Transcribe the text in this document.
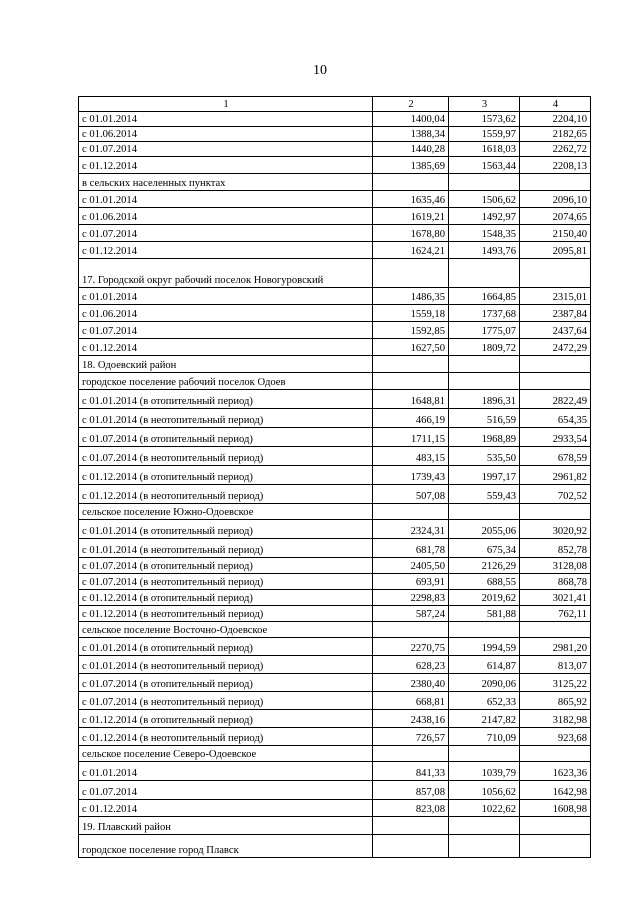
10
1	2	3	4
с 01.01.2014	1400,04	1573,62	2204,10
с 01.06.2014	1388,34	1559,97	2182,65
с 01.07.2014	1440,28	1618,03	2262,72
с 01.12.2014	1385,69	1563,44	2208,13
в сельских населенных пунктах			
с 01.01.2014	1635,46	1506,62	2096,10
с 01.06.2014	1619,21	1492,97	2074,65
с 01.07.2014	1678,80	1548,35	2150,40
с 01.12.2014	1624,21	1493,76	2095,81
17. Городской округ рабочий поселок Новогуровский			
с 01.01.2014	1486,35	1664,85	2315,01
с 01.06.2014	1559,18	1737,68	2387,84
с 01.07.2014	1592,85	1775,07	2437,64
с 01.12.2014	1627,50	1809,72	2472,29
18. Одоевский район			
городское поселение рабочий поселок Одоев			
с 01.01.2014 (в отопительный период)	1648,81	1896,31	2822,49
с 01.01.2014 (в неотопительный период)	466,19	516,59	654,35
с 01.07.2014 (в отопительный период)	1711,15	1968,89	2933,54
с 01.07.2014 (в неотопительный период)	483,15	535,50	678,59
с 01.12.2014 (в отопительный период)	1739,43	1997,17	2961,82
с 01.12.2014 (в неотопительный период)	507,08	559,43	702,52
сельское поселение Южно-Одоевское			
с 01.01.2014 (в отопительный период)	2324,31	2055,06	3020,92
с 01.01.2014 (в неотопительный период)	681,78	675,34	852,78
с 01.07.2014 (в отопительный период)	2405,50	2126,29	3128,08
с 01.07.2014 (в неотопительный период)	693,91	688,55	868,78
с 01.12.2014 (в отопительный период)	2298,83	2019,62	3021,41
с 01.12.2014 (в неотопительный период)	587,24	581,88	762,11
сельское поселение Восточно-Одоевское			
с 01.01.2014 (в отопительный период)	2270,75	1994,59	2981,20
с 01.01.2014 (в неотопительный период)	628,23	614,87	813,07
с 01.07.2014 (в отопительный период)	2380,40	2090,06	3125,22
с 01.07.2014 (в неотопительный период)	668,81	652,33	865,92
с 01.12.2014 (в отопительный период)	2438,16	2147,82	3182,98
с 01.12.2014 (в неотопительный период)	726,57	710,09	923,68
сельское поселение Северо-Одоевское			
с 01.01.2014	841,33	1039,79	1623,36
с 01.07.2014	857,08	1056,62	1642,98
с 01.12.2014	823,08	1022,62	1608,98
19. Плавский район			
городское поселение город Плавск			
